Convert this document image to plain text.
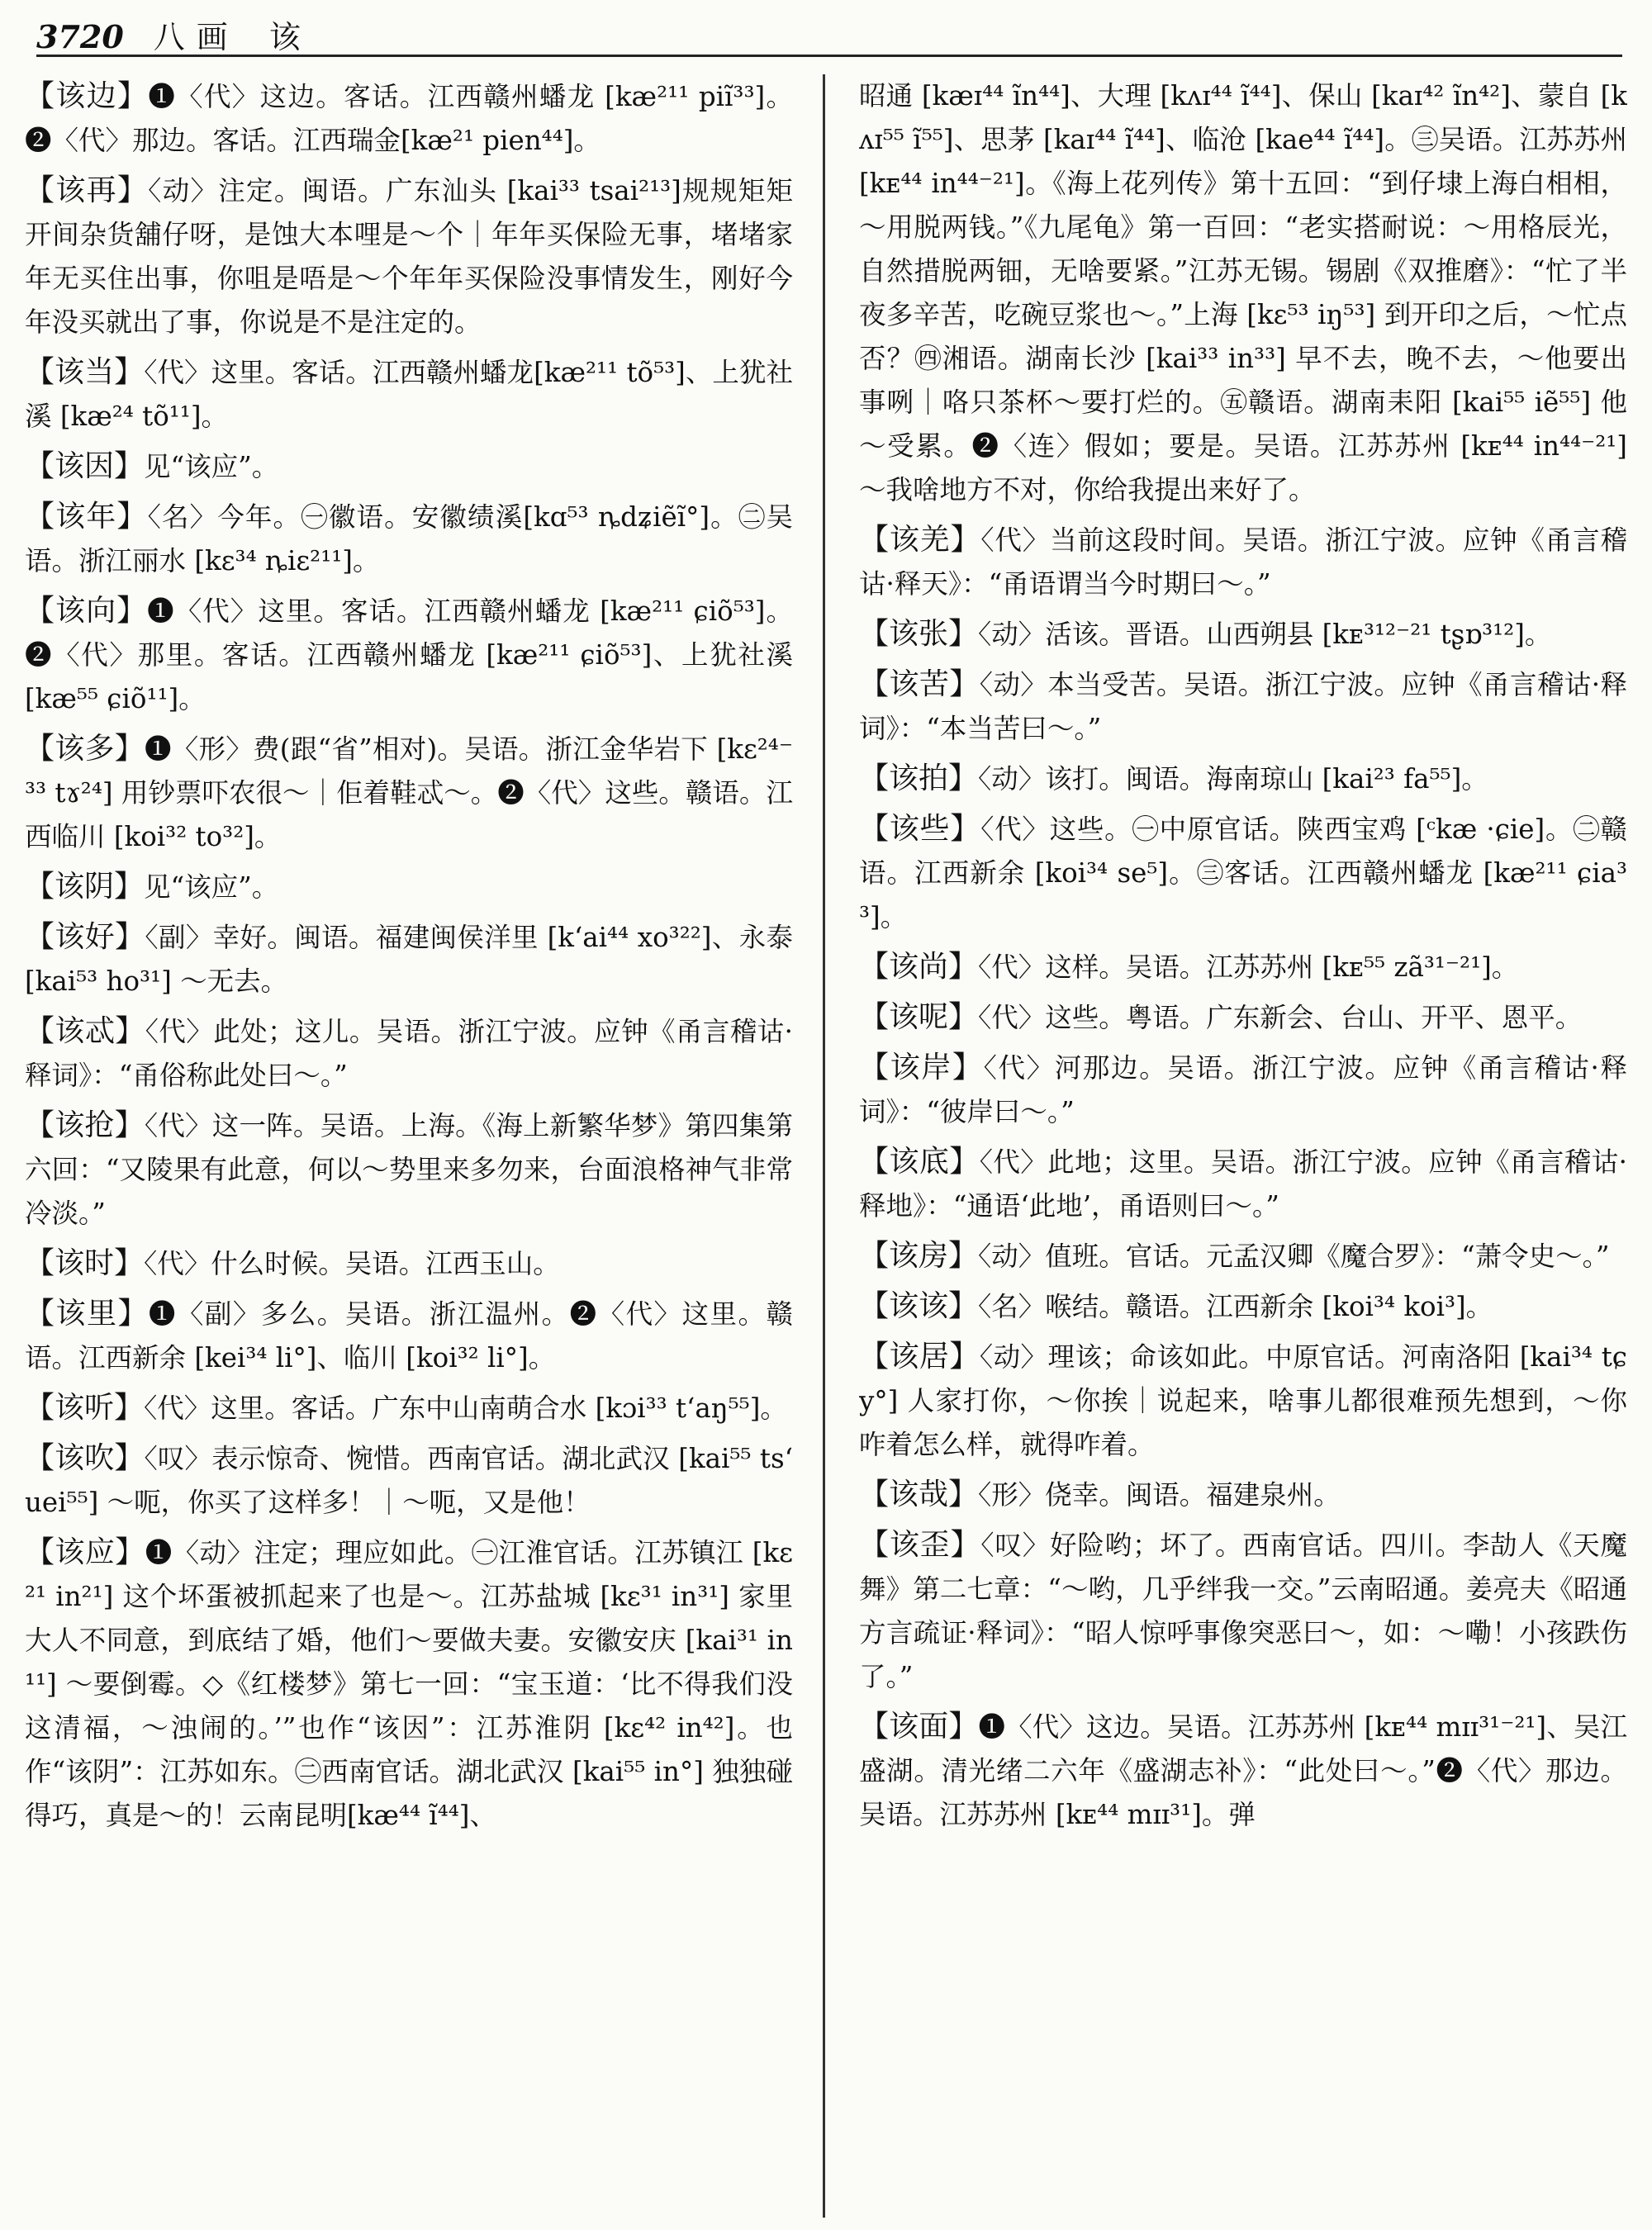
3720 八画 该

【该边】❶〈代〉这边。客话。江西赣州蟠龙 [kæ²¹¹ piĩ³³]。❷〈代〉那边。客话。江西瑞金[kæ²¹ pien⁴⁴]。

【该再】〈动〉注定。闽语。广东汕头 [kai³³ tsai²¹³]规规矩矩开间杂货舖仔呀，是蚀大本哩是～个｜年年买保险无事，堵堵家年无买住出事，你咀是唔是～个年年买保险没事情发生，刚好今年没买就出了事，你说是不是注定的。

【该当】〈代〉这里。客话。江西赣州蟠龙[kæ²¹¹ tõ⁵³]、上犹社溪 [kæ²⁴ tõ¹¹]。

【该因】见“该应”。

【该年】〈名〉今年。㊀徽语。安徽绩溪[kɑ⁵³ ȵdʑiẽĩ°]。㊁吴语。浙江丽水 [kɛ³⁴ ȵiɛ²¹¹]。

【该向】❶〈代〉这里。客话。江西赣州蟠龙 [kæ²¹¹ ɕiõ⁵³]。❷〈代〉那里。客话。江西赣州蟠龙 [kæ²¹¹ ɕiõ⁵³]、上犹社溪 [kæ⁵⁵ ɕiõ¹¹]。

【该多】❶〈形〉费(跟“省”相对)。吴语。浙江金华岩下 [kɛ²⁴⁻³³ tɤ²⁴] 用钞票吓农很～｜佢着鞋忒～。❷〈代〉这些。赣语。江西临川 [koi³² to³²]。

【该阴】见“该应”。

【该好】〈副〉幸好。闽语。福建闽侯洋里 [kʻai⁴⁴ xo³²²]、永泰 [kai⁵³ ho³¹] ～无去。

【该忒】〈代〉此处；这儿。吴语。浙江宁波。应钟《甬言稽诂·释词》：“甬俗称此处曰～。”

【该抢】〈代〉这一阵。吴语。上海。《海上新繁华梦》第四集第六回：“又陵果有此意，何以～势里来多勿来，台面浪格神气非常冷淡。”

【该时】〈代〉什么时候。吴语。江西玉山。

【该里】❶〈副〉多么。吴语。浙江温州。❷〈代〉这里。赣语。江西新余 [kei³⁴ li°]、临川 [koi³² li°]。

【该听】〈代〉这里。客话。广东中山南萌合水 [kɔi³³ tʻaŋ⁵⁵]。

【该吹】〈叹〉表示惊奇、惋惜。西南官话。湖北武汉 [kai⁵⁵ tsʻuei⁵⁵] ～呃，你买了这样多！｜～呃，又是他！

【该应】❶〈动〉注定；理应如此。㊀江淮官话。江苏镇江 [kɛ²¹ in²¹] 这个坏蛋被抓起来了也是～。江苏盐城 [kɛ³¹ in³¹] 家里大人不同意，到底结了婚，他们～要做夫妻。安徽安庆 [kai³¹ in¹¹] ～要倒霉。◇《红楼梦》第七一回：“宝玉道：‘比不得我们没这清福，～浊闹的。’”也作“该因”：江苏淮阴 [kɛ⁴² in⁴²]。也作“该阴”：江苏如东。㊁西南官话。湖北武汉 [kai⁵⁵ in°] 独独碰得巧，真是～的！云南昆明[kæ⁴⁴ ĩ⁴⁴]、

昭通 [kæɪ⁴⁴ ĩn⁴⁴]、大理 [kʌɪ⁴⁴ ĩ⁴⁴]、保山 [kaɪ⁴² ĩn⁴²]、蒙自 [kʌɪ⁵⁵ ĩ⁵⁵]、思茅 [kaɪ⁴⁴ ĩ⁴⁴]、临沧 [kae⁴⁴ ĩ⁴⁴]。㊂吴语。江苏苏州 [kᴇ⁴⁴ in⁴⁴⁻²¹]。《海上花列传》第十五回：“到仔埭上海白相相，～用脱两钱。”《九尾龟》第一百回：“老实搭耐说：～用格辰光，自然措脱两钿，无啥要紧。”江苏无锡。锡剧《双推磨》：“忙了半夜多辛苦，吃碗豆浆也～。”上海 [kɛ⁵³ iŋ⁵³] 到开印之后，～忙点否？㊃湘语。湖南长沙 [kai³³ in³³] 早不去，晚不去，～他要出事咧｜咯只茶杯～要打烂的。㊄赣语。湖南耒阳 [kai⁵⁵ iẽ⁵⁵] 他～受累。❷〈连〉假如；要是。吴语。江苏苏州 [kᴇ⁴⁴ in⁴⁴⁻²¹] ～我啥地方不对，你给我提出来好了。

【该羌】〈代〉当前这段时间。吴语。浙江宁波。应钟《甬言稽诂·释天》：“甬语谓当今时期曰～。”

【该张】〈动〉活该。晋语。山西朔县 [kᴇ³¹²⁻²¹ tʂɒ³¹²]。

【该苦】〈动〉本当受苦。吴语。浙江宁波。应钟《甬言稽诂·释词》：“本当苦曰～。”

【该拍】〈动〉该打。闽语。海南琼山 [kai²³ fa⁵⁵]。

【该些】〈代〉这些。㊀中原官话。陕西宝鸡 [ᶜkæ ·ɕie]。㊁赣语。江西新余 [koi³⁴ se⁵]。㊂客话。江西赣州蟠龙 [kæ²¹¹ ɕia³³]。

【该尚】〈代〉这样。吴语。江苏苏州 [kᴇ⁵⁵ zã³¹⁻²¹]。

【该呢】〈代〉这些。粤语。广东新会、台山、开平、恩平。

【该岸】〈代〉河那边。吴语。浙江宁波。应钟《甬言稽诂·释词》：“彼岸曰～。”

【该底】〈代〉此地；这里。吴语。浙江宁波。应钟《甬言稽诂·释地》：“通语‘此地’，甬语则曰～。”

【该房】〈动〉值班。官话。元孟汉卿《魔合罗》：“萧令史～。”

【该该】〈名〉喉结。赣语。江西新余 [koi³⁴ koi³]。

【该居】〈动〉理该；命该如此。中原官话。河南洛阳 [kai³⁴ tɕy°] 人家打你，～你挨｜说起来，啥事儿都很难预先想到，～你咋着怎么样，就得咋着。

【该哉】〈形〉侥幸。闽语。福建泉州。

【该歪】〈叹〉好险哟；坏了。西南官话。四川。李劼人《天魔舞》第二七章：“～哟，几乎绊我一交。”云南昭通。姜亮夫《昭通方言疏证·释词》：“昭人惊呼事像突恶曰～，如：～嘞！小孩跌伤了。”

【该面】❶〈代〉这边。吴语。江苏苏州 [kᴇ⁴⁴ mɪɪ³¹⁻²¹]、吴江盛湖。清光绪二六年《盛湖志补》：“此处曰～。”❷〈代〉那边。吴语。江苏苏州 [kᴇ⁴⁴ mɪɪ³¹]。弹
